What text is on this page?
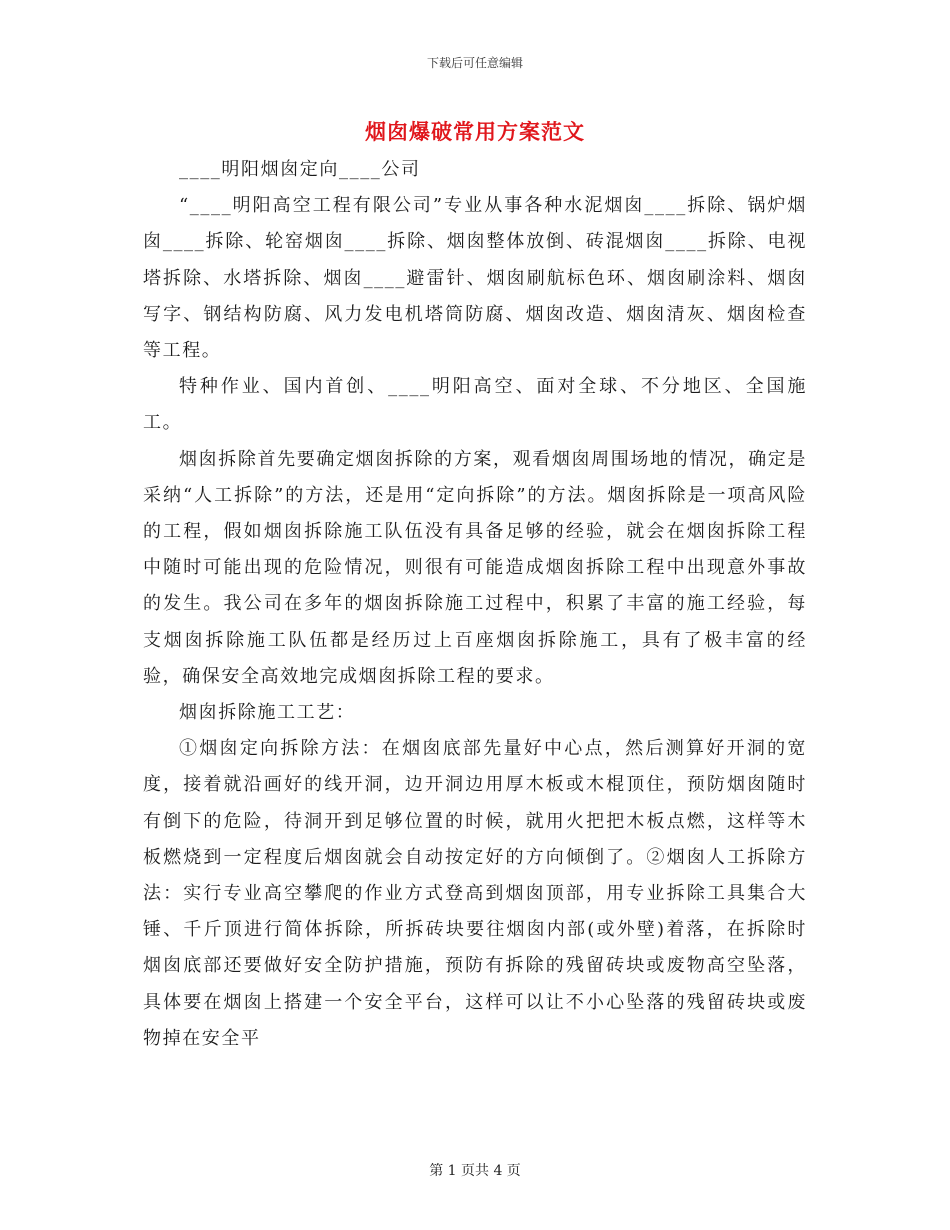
下载后可任意编辑
烟囱爆破常用方案范文

____明阳烟囱定向____公司

“____明阳高空工程有限公司”专业从事各种水泥烟囱____拆除、锅炉烟囱____拆除、轮窑烟囱____拆除、烟囱整体放倒、砖混烟囱____拆除、电视塔拆除、水塔拆除、烟囱____避雷针、烟囱刷航标色环、烟囱刷涂料、烟囱写字、钢结构防腐、风力发电机塔筒防腐、烟囱改造、烟囱清灰、烟囱检查等工程。

特种作业、国内首创、____明阳高空、面对全球、不分地区、全国施工。

烟囱拆除首先要确定烟囱拆除的方案，观看烟囱周围场地的情况，确定是采纳“人工拆除”的方法，还是用“定向拆除”的方法。烟囱拆除是一项高风险的工程，假如烟囱拆除施工队伍没有具备足够的经验，就会在烟囱拆除工程中随时可能出现的危险情况，则很有可能造成烟囱拆除工程中出现意外事故的发生。我公司在多年的烟囱拆除施工过程中，积累了丰富的施工经验，每支烟囱拆除施工队伍都是经历过上百座烟囱拆除施工，具有了极丰富的经验，确保安全高效地完成烟囱拆除工程的要求。

烟囱拆除施工工艺：

①烟囱定向拆除方法：在烟囱底部先量好中心点，然后测算好开洞的宽度，接着就沿画好的线开洞，边开洞边用厚木板或木棍顶住，预防烟囱随时有倒下的危险，待洞开到足够位置的时候，就用火把把木板点燃，这样等木板燃烧到一定程度后烟囱就会自动按定好的方向倾倒了。②烟囱人工拆除方法：实行专业高空攀爬的作业方式登高到烟囱顶部，用专业拆除工具集合大锤、千斤顶进行简体拆除，所拆砖块要往烟囱内部(或外壁)着落，在拆除时烟囱底部还要做好安全防护措施，预防有拆除的残留砖块或废物高空坠落，具体要在烟囱上搭建一个安全平台，这样可以让不小心坠落的残留砖块或废物掉在安全平

第 1 页共 4 页
